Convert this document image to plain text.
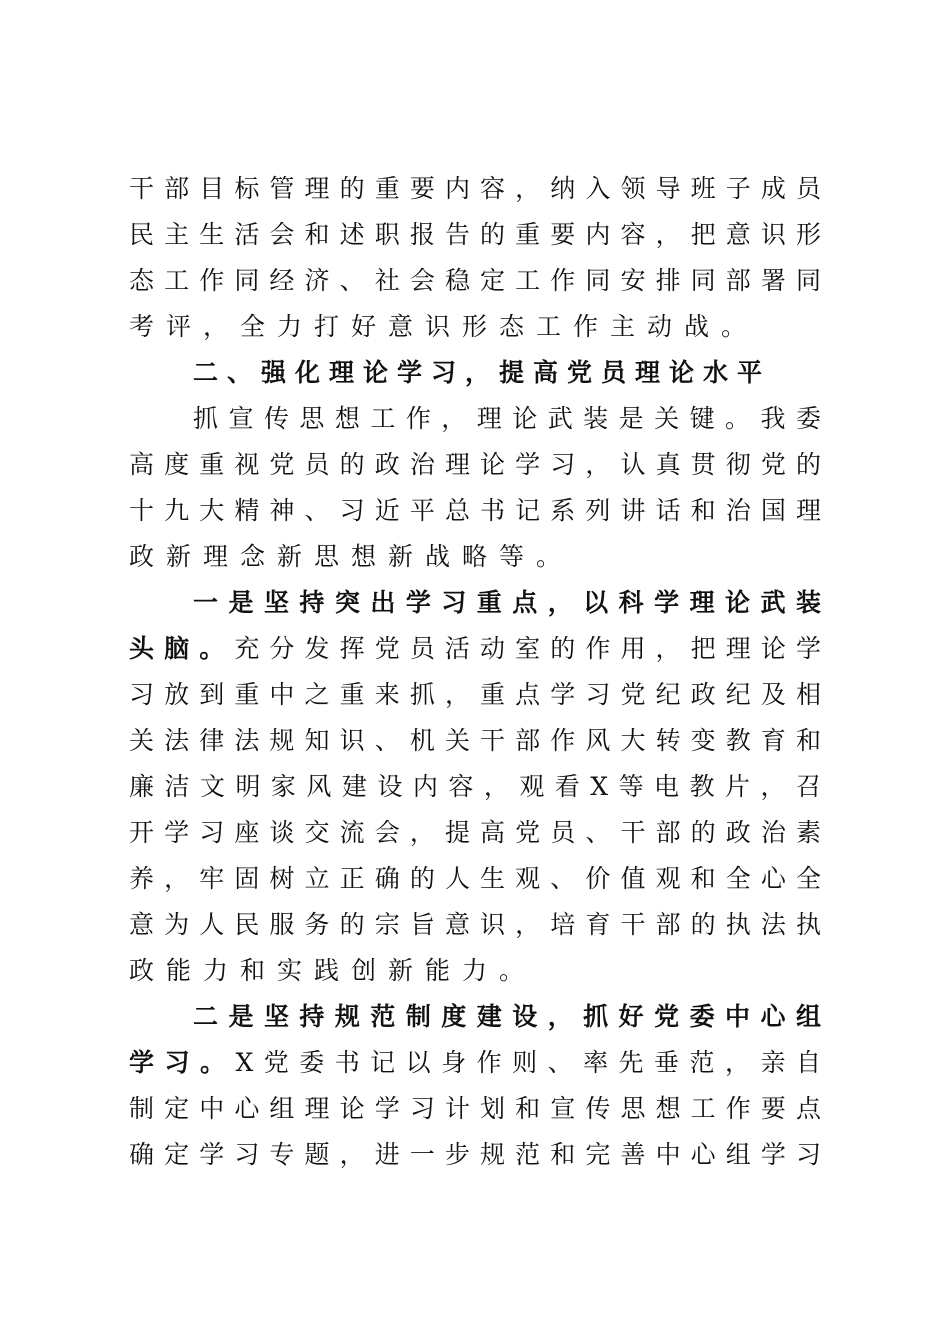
干部目标管理的重要内容，纳入领导班子成员
民主生活会和述职报告的重要内容，把意识形
态工作同经济、社会稳定工作同安排同部署同
考评，全力打好意识形态工作主动战。
二、强化理论学习，提高党员理论水平
抓宣传思想工作，理论武装是关键。我委
高度重视党员的政治理论学习，认真贯彻党的
十九大精神、习近平总书记系列讲话和治国理
政新理念新思想新战略等。
一是坚持突出学习重点，以科学理论武装
头脑。充分发挥党员活动室的作用，把理论学
习放到重中之重来抓，重点学习党纪政纪及相
关法律法规知识、机关干部作风大转变教育和
廉洁文明家风建设内容，观看X等电教片，召
开学习座谈交流会，提高党员、干部的政治素
养，牢固树立正确的人生观、价值观和全心全
意为人民服务的宗旨意识，培育干部的执法执
政能力和实践创新能力。
二是坚持规范制度建设，抓好党委中心组
学习。X党委书记以身作则、率先垂范，亲自
制定中心组理论学习计划和宣传思想工作要点
确定学习专题，进一步规范和完善中心组学习
